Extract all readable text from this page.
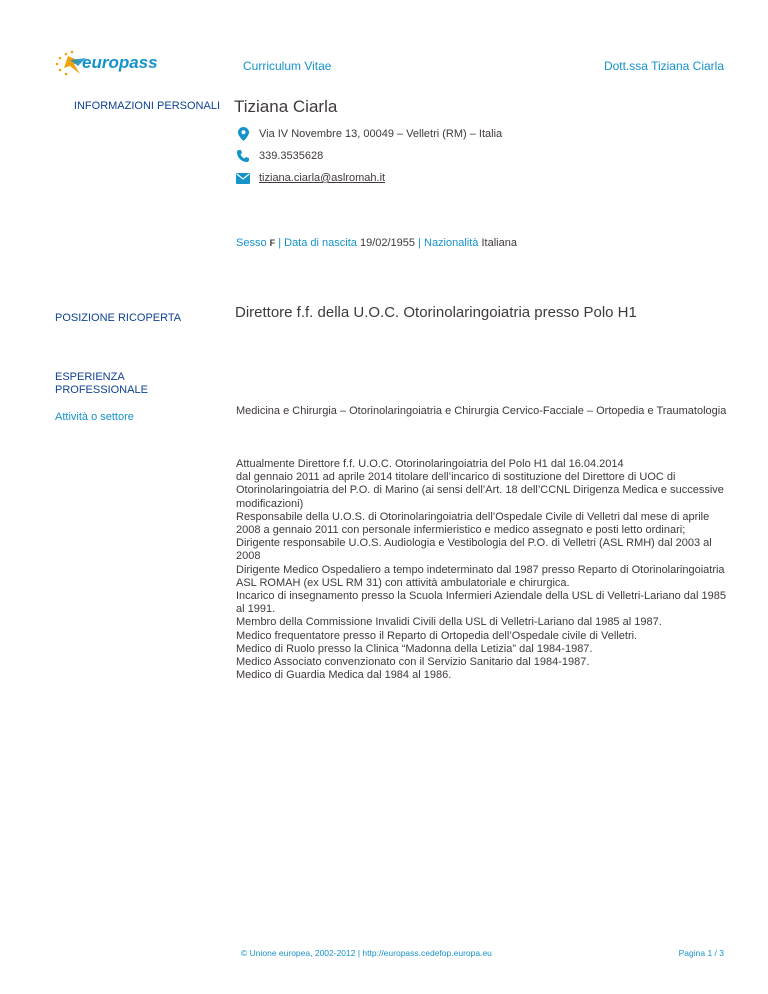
europass	Curriculum Vitae	Dott.ssa Tiziana Ciarla
INFORMAZIONI PERSONALI Tiziana Ciarla
Via IV Novembre 13, 00049 – Velletri (RM) – Italia
339.3535628
tiziana.ciarla@aslromah.it
Sesso F | Data di nascita 19/02/1955 | Nazionalità Italiana
POSIZIONE RICOPERTA	Direttore f.f. della U.O.C. Otorinolaringoiatria presso Polo H1
ESPERIENZA
PROFESSIONALE
Attività o settore	Medicina e Chirurgia – Otorinolaringoiatria e Chirurgia Cervico-Facciale – Ortopedia e Traumatologia
Attualmente Direttore f.f. U.O.C. Otorinolaringoiatria del Polo H1 dal 16.04.2014
dal gennaio 2011 ad aprile 2014 titolare dell’incarico di sostituzione del Direttore di UOC di
Otorinolaringoiatria del P.O. di Marino (ai sensi dell’Art. 18 dell’CCNL Dirigenza Medica e successive
modificazioni)
Responsabile della U.O.S. di Otorinolaringoiatria dell’Ospedale Civile di Velletri dal mese di aprile
2008 a gennaio 2011 con personale infermieristico e medico assegnato e posti letto ordinari;
Dirigente responsabile U.O.S. Audiologia e Vestibologia del P.O. di Velletri (ASL RMH) dal 2003 al
2008
Dirigente Medico Ospedaliero a tempo indeterminato dal 1987 presso Reparto di Otorinolaringoiatria
ASL ROMAH (ex USL RM 31) con attività ambulatoriale e chirurgica.
Incarico di insegnamento presso la Scuola Infermieri Aziendale della USL di Velletri-Lariano dal 1985
al 1991.
Membro della Commissione Invalidi Civili della USL di Velletri-Lariano dal 1985 al 1987.
Medico frequentatore presso il Reparto di Ortopedia dell’Ospedale civile di Velletri.
Medico di Ruolo presso la Clinica “Madonna della Letizia” dal 1984-1987.
Medico Associato convenzionato con il Servizio Sanitario dal 1984-1987.
Medico di Guardia Medica dal 1984 al 1986.
© Unione europea, 2002-2012 | http://europass.cedefop.europa.eu	Pagina 1 / 3
